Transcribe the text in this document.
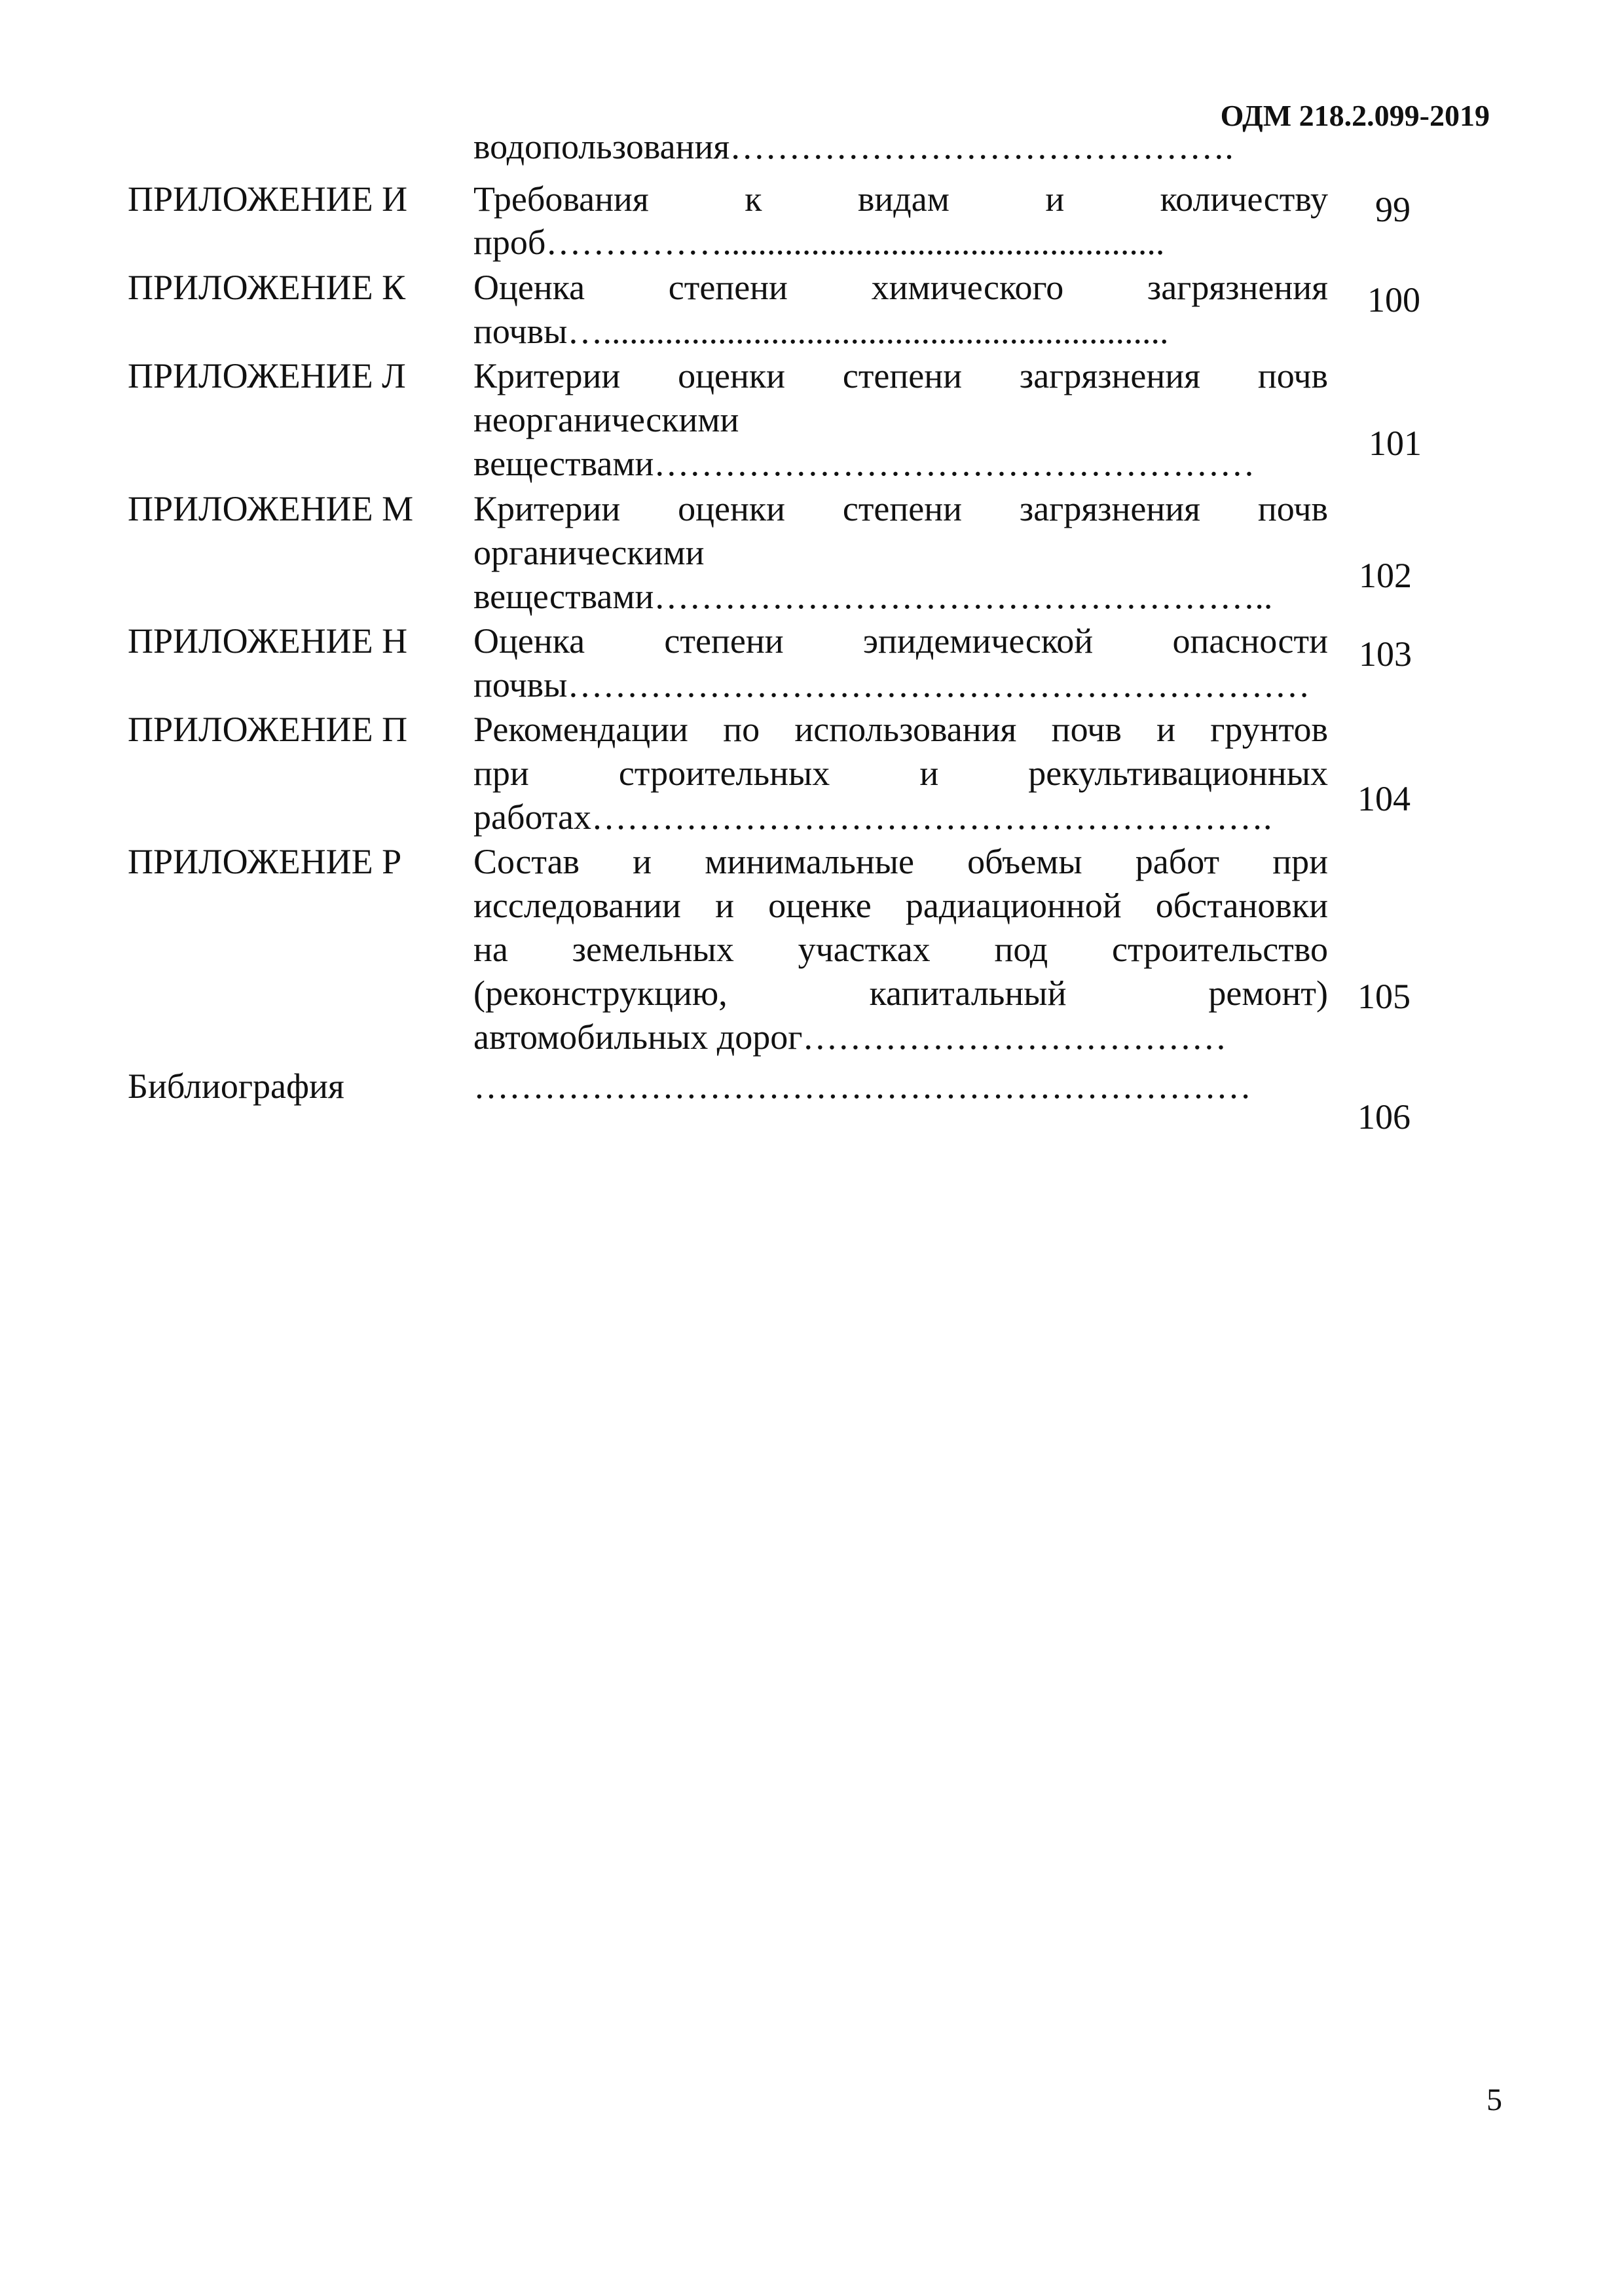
ОДМ 218.2.099-2019
водопользования…………………………………….
ПРИЛОЖЕНИЕ И Требования к видам и количеству
проб……………..................................................
99
ПРИЛОЖЕНИЕ К Оценка степени химического загрязнения
почвы…................................................................
100
ПРИЛОЖЕНИЕ Л Критерии оценки степени загрязнения почв
неорганическими
веществами……………………………………………
101
ПРИЛОЖЕНИЕ М Критерии оценки степени загрязнения почв
органическими
веществами……………………………………………..
102
ПРИЛОЖЕНИЕ Н Оценка степени эпидемической опасности
почвы………………………………………………………
103
ПРИЛОЖЕНИЕ П Рекомендации по использования почв и грунтов
при строительных и рекультивационных
работах…………………………………………………. 104
ПРИЛОЖЕНИЕ Р Состав и минимальные объемы работ при
исследовании и оценке радиационной обстановки
на земельных участках под строительство
(реконструкцию, капитальный ремонт)
автомобильных дорог………………………………
105
Библиография	…………………………………………………………
106
5
